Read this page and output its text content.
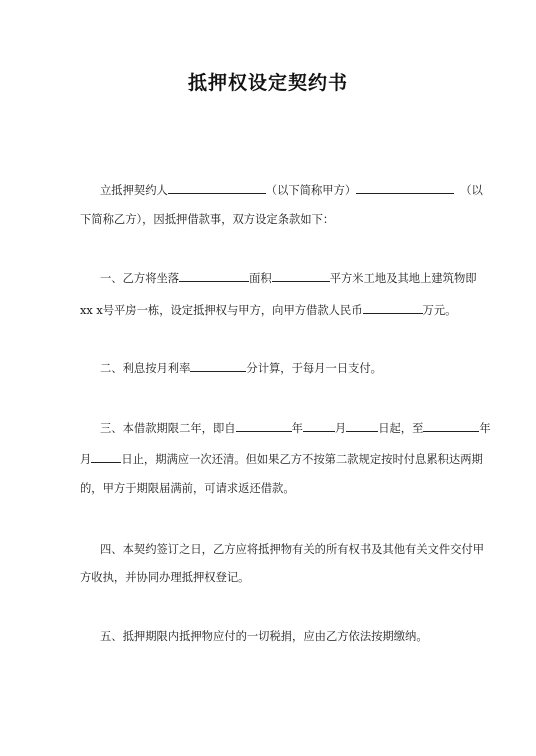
抵押权设定契约书
立抵押契约人	（以下简称甲方）	（以
下简称乙方），因抵押借款事，双方设定条款如下：
一、乙方将坐落	面积	平方米工地及其地上建筑物即
xx x号平房一栋，设定抵押权与甲方，向甲方借款人民币	万元。
二、利息按月利率	分计算，于每月一日支付。
三、本借款期限二年，即自	年	月	日起，至	年
月	日止，期满应一次还清。但如果乙方不按第二款规定按时付息累积达两期
的，甲方于期限届满前，可请求返还借款。
四、本契约签订之日，乙方应将抵押物有关的所有权书及其他有关文件交付甲
方收执，并协同办理抵押权登记。
五、抵押期限内抵押物应付的一切税捐，应由乙方依法按期缴纳。
